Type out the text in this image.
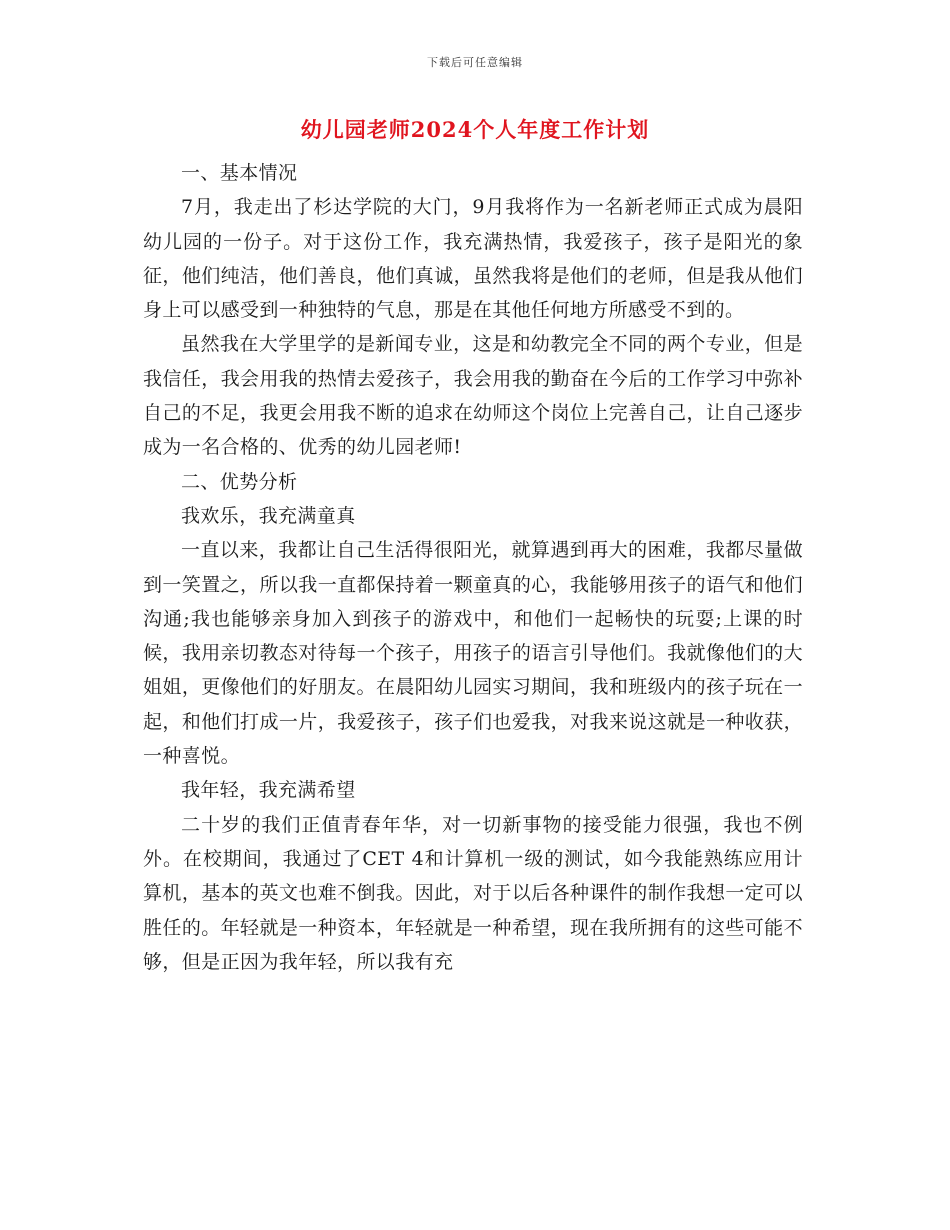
下载后可任意编辑
幼儿园老师2024个人年度工作计划

一、基本情况

7月，我走出了杉达学院的大门，9月我将作为一名新老师正式成为晨阳幼儿园的一份子。对于这份工作，我充满热情，我爱孩子，孩子是阳光的象征，他们纯洁，他们善良，他们真诚，虽然我将是他们的老师，但是我从他们身上可以感受到一种独特的气息，那是在其他任何地方所感受不到的。

虽然我在大学里学的是新闻专业，这是和幼教完全不同的两个专业，但是我信任，我会用我的热情去爱孩子，我会用我的勤奋在今后的工作学习中弥补自己的不足，我更会用我不断的追求在幼师这个岗位上完善自己，让自己逐步成为一名合格的、优秀的幼儿园老师!

二、优势分析

我欢乐，我充满童真

一直以来，我都让自己生活得很阳光，就算遇到再大的困难，我都尽量做到一笑置之，所以我一直都保持着一颗童真的心，我能够用孩子的语气和他们沟通;我也能够亲身加入到孩子的游戏中，和他们一起畅快的玩耍;上课的时候，我用亲切教态对待每一个孩子，用孩子的语言引导他们。我就像他们的大姐姐，更像他们的好朋友。在晨阳幼儿园实习期间，我和班级内的孩子玩在一起，和他们打成一片，我爱孩子，孩子们也爱我，对我来说这就是一种收获，一种喜悦。

我年轻，我充满希望

二十岁的我们正值青春年华，对一切新事物的接受能力很强，我也不例外。在校期间，我通过了CET 4和计算机一级的测试，如今我能熟练应用计算机，基本的英文也难不倒我。因此，对于以后各种课件的制作我想一定可以胜任的。年轻就是一种资本，年轻就是一种希望，现在我所拥有的这些可能不够，但是正因为我年轻，所以我有充
